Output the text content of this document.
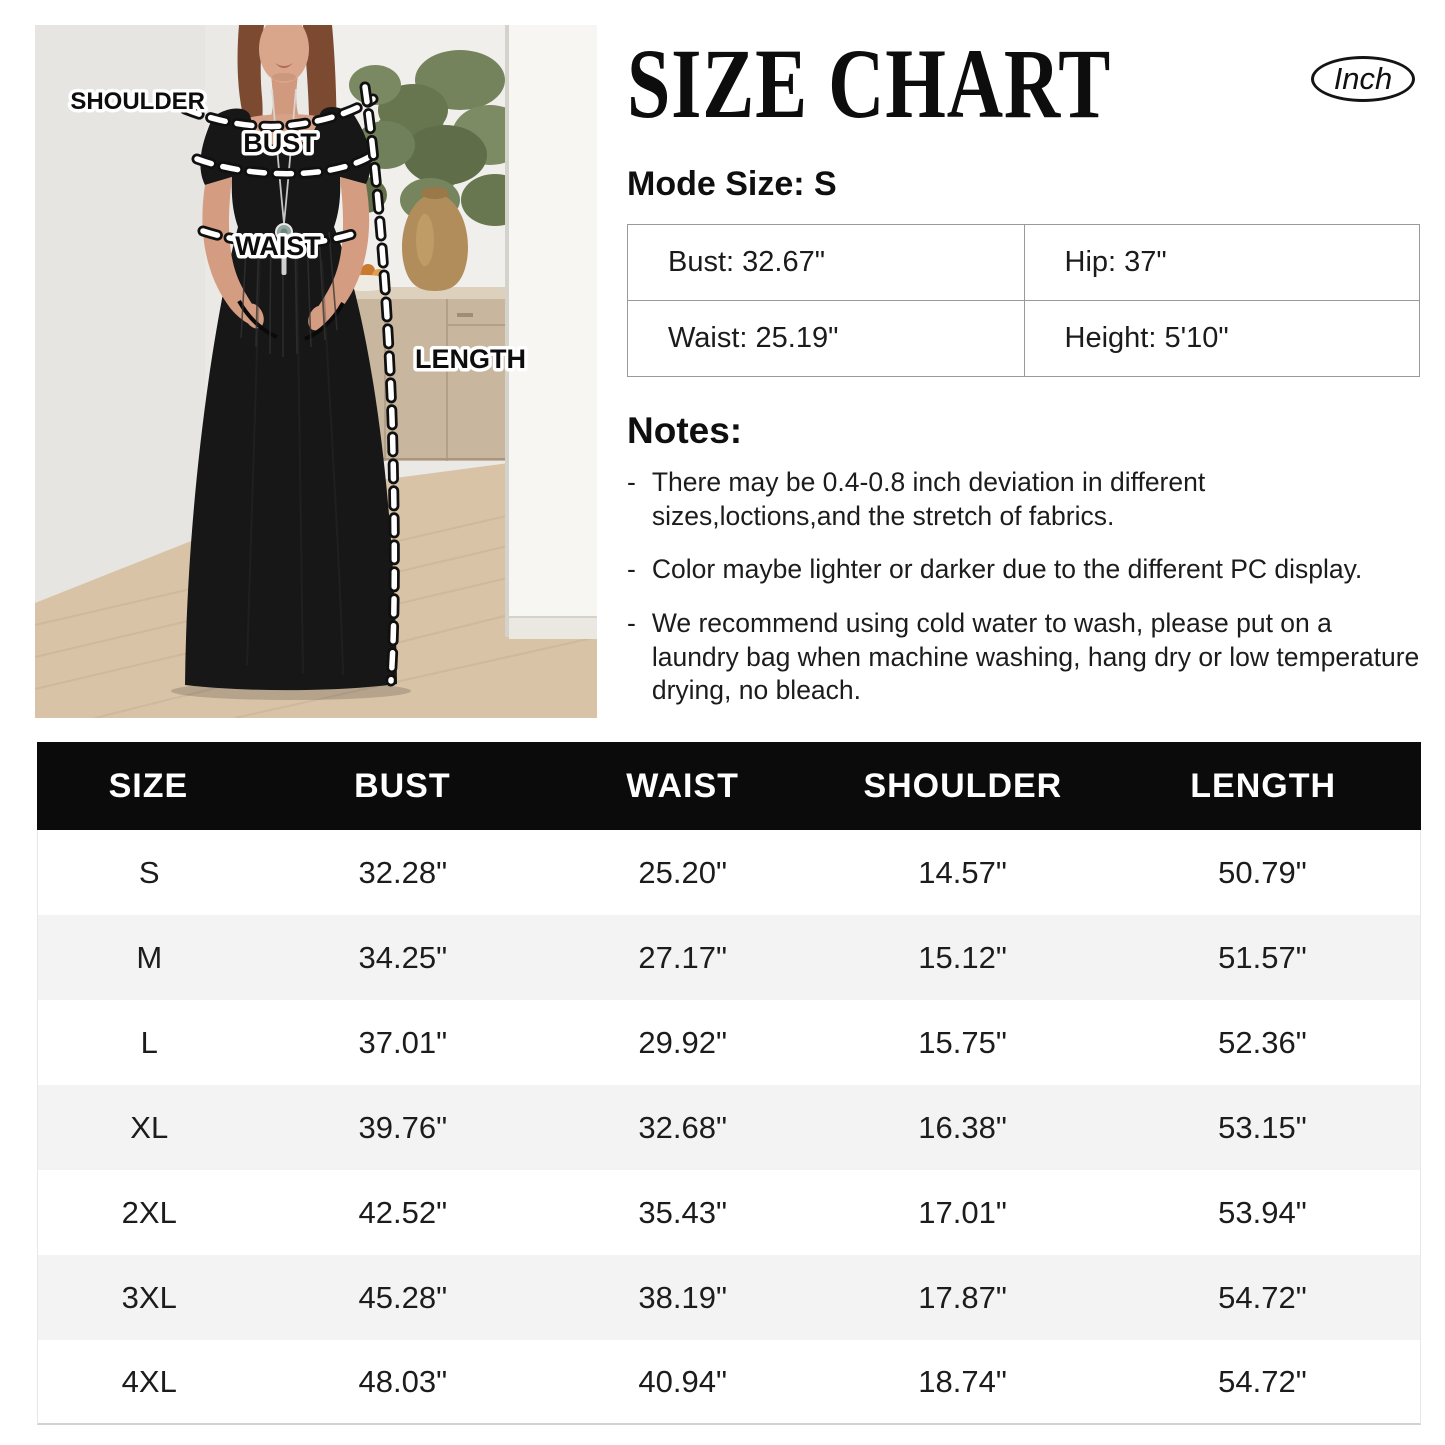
SHOULDER
BUST
WAIST
LENGTH
SIZE CHART	Inch
Mode Size: S
Bust: 32.67"	Hip: 37"
Waist: 25.19"	Height: 5'10"
Notes:
- There may be 0.4-0.8 inch deviation in different sizes,loctions,and the stretch of fabrics.
- Color maybe lighter or darker due to the different PC display.
- We recommend using cold water to wash, please put on a laundry bag when machine washing, hang dry or low temperature drying, no bleach.
SIZE	BUST	WAIST	SHOULDER	LENGTH
S	32.28"	25.20"	14.57"	50.79"
M	34.25"	27.17"	15.12"	51.57"
L	37.01"	29.92"	15.75"	52.36"
XL	39.76"	32.68"	16.38"	53.15"
2XL	42.52"	35.43"	17.01"	53.94"
3XL	45.28"	38.19"	17.87"	54.72"
4XL	48.03"	40.94"	18.74"	54.72"
